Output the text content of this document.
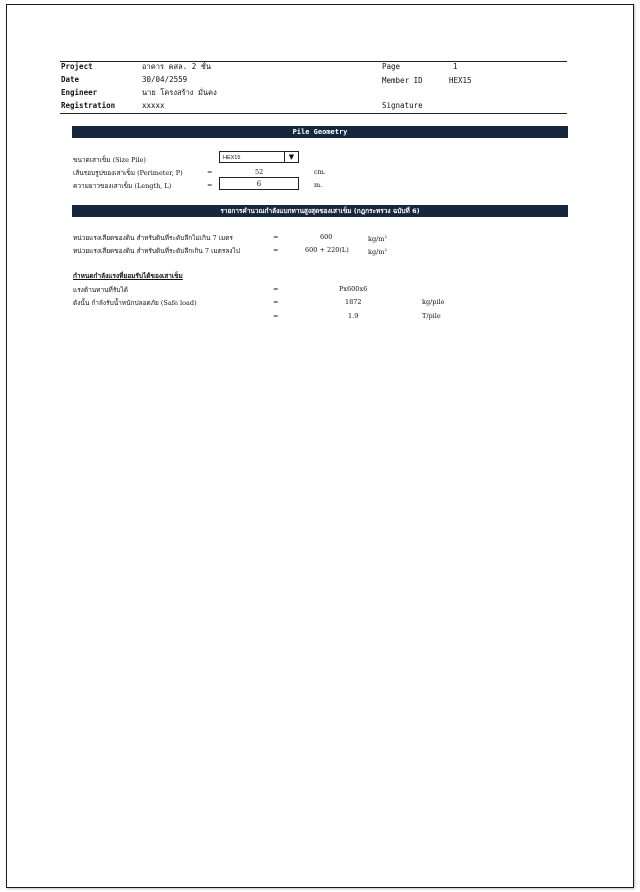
Project	อาคาร คสล. 2 ชั้น	Page	1
Date	30/04/2559	Member ID	HEX15
Engineer	นาย โครงสร้าง มั่นคง
Registration	xxxxx	Signature
Pile Geometry
ขนาดเสาเข็ม (Size Pile)	HEX15	▼
เส้นรอบรูปของเสาเข็ม (Perimeter, P)	=	52	cm.
ความยาวของเสาเข็ม (Length, L)	=	6	m.
รายการคำนวณกำลังแบกทานสูงสุดของเสาเข็ม (กฎกระทรวง ฉบับที่ 6)
หน่วยแรงเสียดของดิน สำหรับดินที่ระดับลึกไม่เกิน 7 เมตร	=	600	$kg/m^2$
หน่วยแรงเสียดของดิน สำหรับดินที่ระดับลึกเกิน 7 เมตรลงไป	=	600 + 220(L)	$kg/m^2$
กำหนดกำลังแรงที่ยอมรับได้ของเสาเข็ม
แรงต้านทานที่รับได้	=	Px600x6
ดังนั้น กำลังรับน้ำหนักปลอดภัย (Safe load)	=	1872	kg/pile
=	1.9	T/pile
